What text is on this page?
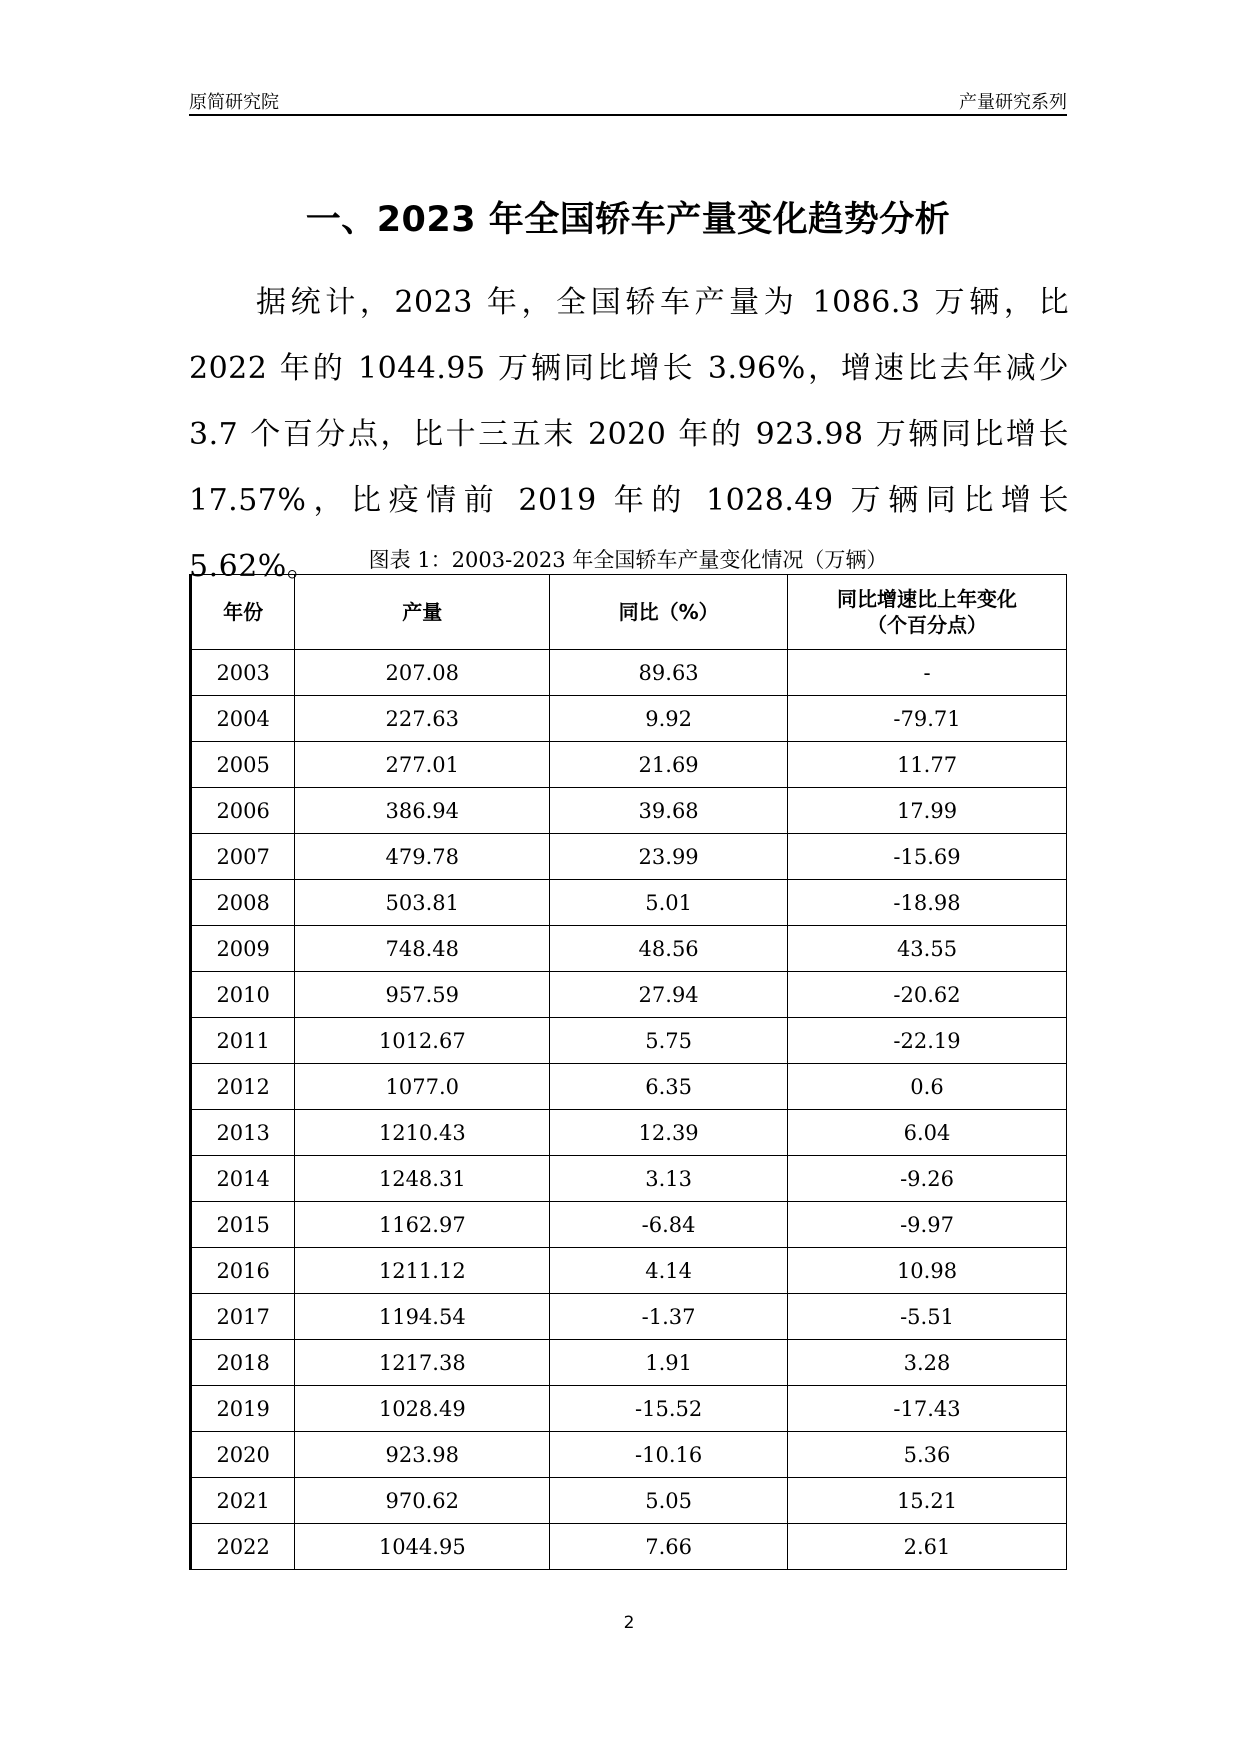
原简研究院	产量研究系列
一、2023 年全国轿车产量变化趋势分析
据统计，2023 年，全国轿车产量为 1086.3 万辆，比 2022 年的 1044.95 万辆同比增长 3.96%，增速比去年减少 3.7 个百分点，比十三五末 2020 年的 923.98 万辆同比增长 17.57%，比疫情前 2019 年的 1028.49 万辆同比增长 5.62%。	图表 1：2003-2023 年全国轿车产量变化情况（万辆）
年份	产量	同比（%）	同比增速比上年变化
（个百分点）
2003	207.08	89.63	-
2004	227.63	9.92	-79.71
2005	277.01	21.69	11.77
2006	386.94	39.68	17.99
2007	479.78	23.99	-15.69
2008	503.81	5.01	-18.98
2009	748.48	48.56	43.55
2010	957.59	27.94	-20.62
2011	1012.67	5.75	-22.19
2012	1077.0	6.35	0.6
2013	1210.43	12.39	6.04
2014	1248.31	3.13	-9.26
2015	1162.97	-6.84	-9.97
2016	1211.12	4.14	10.98
2017	1194.54	-1.37	-5.51
2018	1217.38	1.91	3.28
2019	1028.49	-15.52	-17.43
2020	923.98	-10.16	5.36
2021	970.62	5.05	15.21
2022	1044.95	7.66	2.61
2
